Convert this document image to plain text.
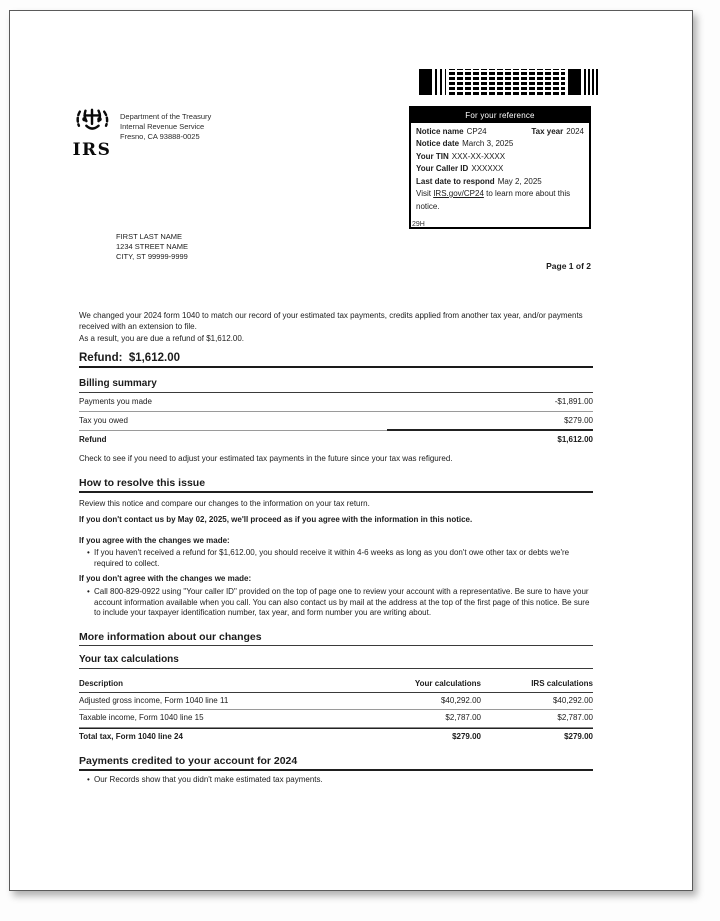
For your reference
Notice name CP24	Tax year 2024
Notice date March 3, 2025
Your TIN XXX-XX-XXXX
Your Caller ID XXXXXX
Last date to respond May 2, 2025
Visit IRS.gov/CP24 to learn more about this notice.
29H
IRS
Department of the Treasury
Internal Revenue Service
Fresno, CA 93888-0025
FIRST LAST NAME
1234 STREET NAME
CITY, ST 99999-9999
Page 1 of 2
We changed your 2024 form 1040 to match our record of your estimated tax payments, credits applied from another tax year, and/or payments received with an extension to file.
As a result, you are due a refund of $1,612.00.
Refund:  $1,612.00
Billing summary
Payments you made	-$1,891.00
Tax you owed	$279.00
Refund	$1,612.00
Check to see if you need to adjust your estimated tax payments in the future since your tax was refigured.
How to resolve this issue
Review this notice and compare our changes to the information on your tax return.
If you don't contact us by May 02, 2025, we'll proceed as if you agree with the information in this notice.
If you agree with the changes we made:
• If you haven't received a refund for $1,612.00, you should receive it within 4-6 weeks as long as you don't owe other tax or debts we're required to collect.
If you don't agree with the changes we made:
• Call 800-829-0922 using "Your caller ID" provided on the top of page one to review your account with a representative. Be sure to have your account information available when you call. You can also contact us by mail at the address at the top of the first page of this notice. Be sure to include your taxpayer identification number, tax year, and form number you are writing about.
More information about our changes
Your tax calculations
Description	Your calculations	IRS calculations
Adjusted gross income, Form 1040 line 11	$40,292.00	$40,292.00
Taxable income, Form 1040 line 15	$2,787.00	$2,787.00
Total tax, Form 1040 line 24	$279.00	$279.00
Payments credited to your account for 2024
• Our Records show that you didn't make estimated tax payments.
